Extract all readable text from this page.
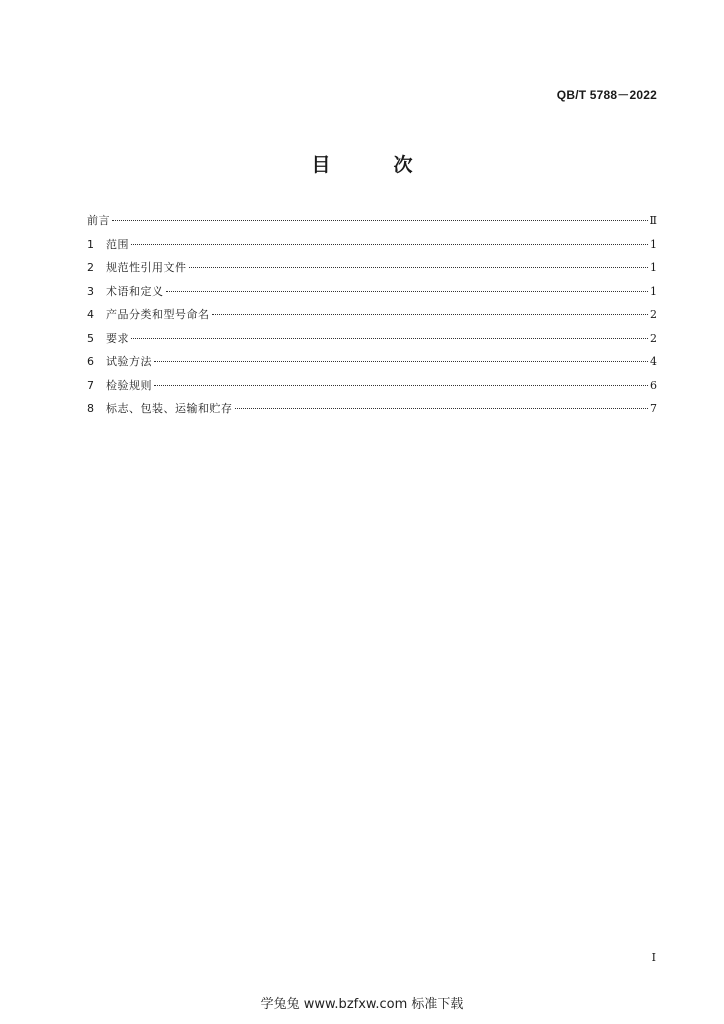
QB/T 5788－2022
目　次
前言	Ⅱ
1	范围	1
2	规范性引用文件	1
3	术语和定义	1
4	产品分类和型号命名	2
5	要求	2
6	试验方法	4
7	检验规则	6
8	标志、包装、运输和贮存	7
I
学兔兔 www.bzfxw.com 标准下载
